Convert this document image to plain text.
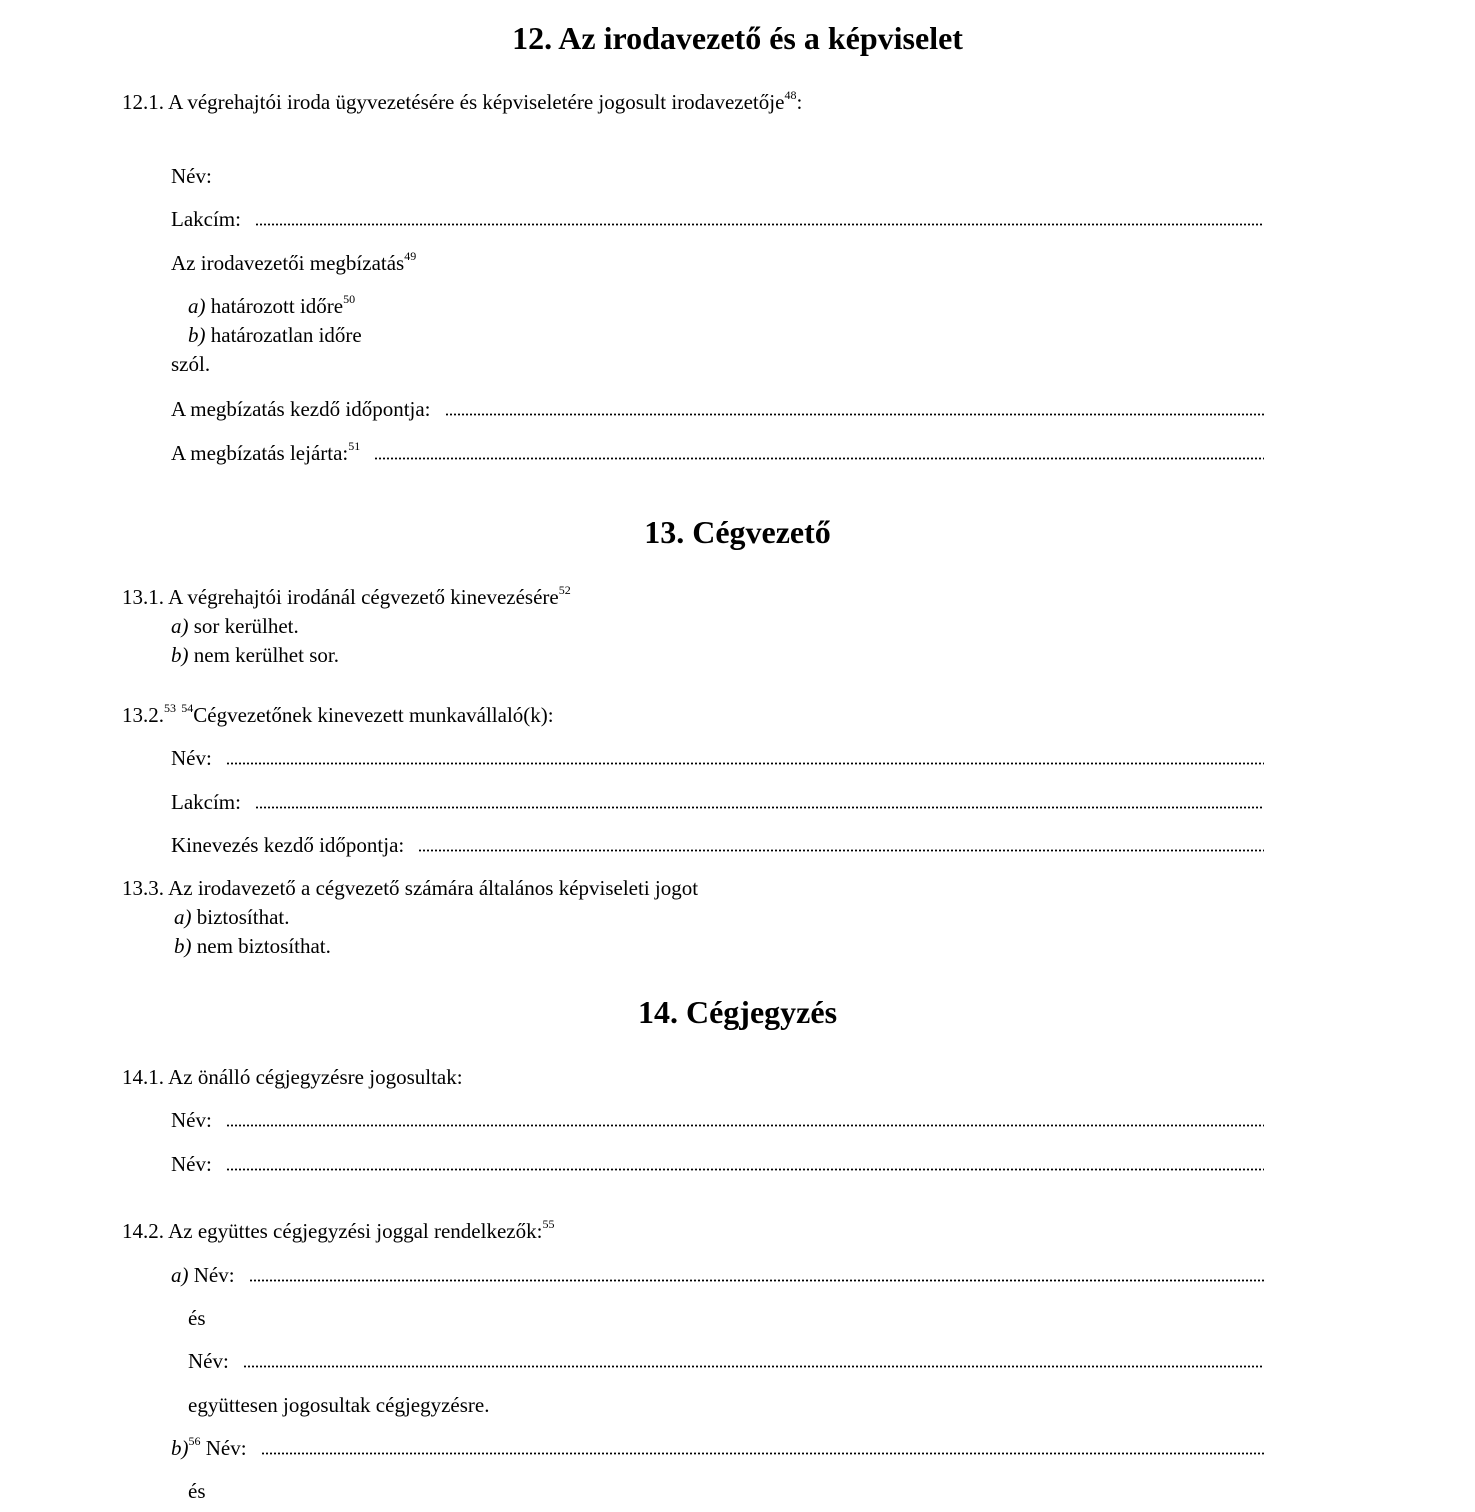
12. Az irodavezető és a képviselet
12.1. A végrehajtói iroda ügyvezetésére és képviseletére jogosult irodavezetője$^{48}$:
Név:
Lakcím:
Az irodavezetői megbízatás$^{49}$
a) határozott időre$^{50}$
b) határozatlan időre
szól.
A megbízatás kezdő időpontja:
A megbízatás lejárta:$^{51}$
13. Cégvezető
13.1. A végrehajtói irodánál cégvezető kinevezésére$^{52}$
a) sor kerülhet.
b) nem kerülhet sor.
13.2.53 $^{54}$Cégvezetőnek kinevezett munkavállaló(k):
Név:
Lakcím:
Kinevezés kezdő időpontja:
13.3. Az irodavezető a cégvezető számára általános képviseleti jogot
a) biztosíthat.
b) nem biztosíthat.
14. Cégjegyzés
14.1. Az önálló cégjegyzésre jogosultak:
Név:
Név:
14.2. Az együttes cégjegyzési joggal rendelkezők:$^{55}$
a) Név:
és
Név:
együttesen jogosultak cégjegyzésre.
b)$^{56}$ Név:
és
